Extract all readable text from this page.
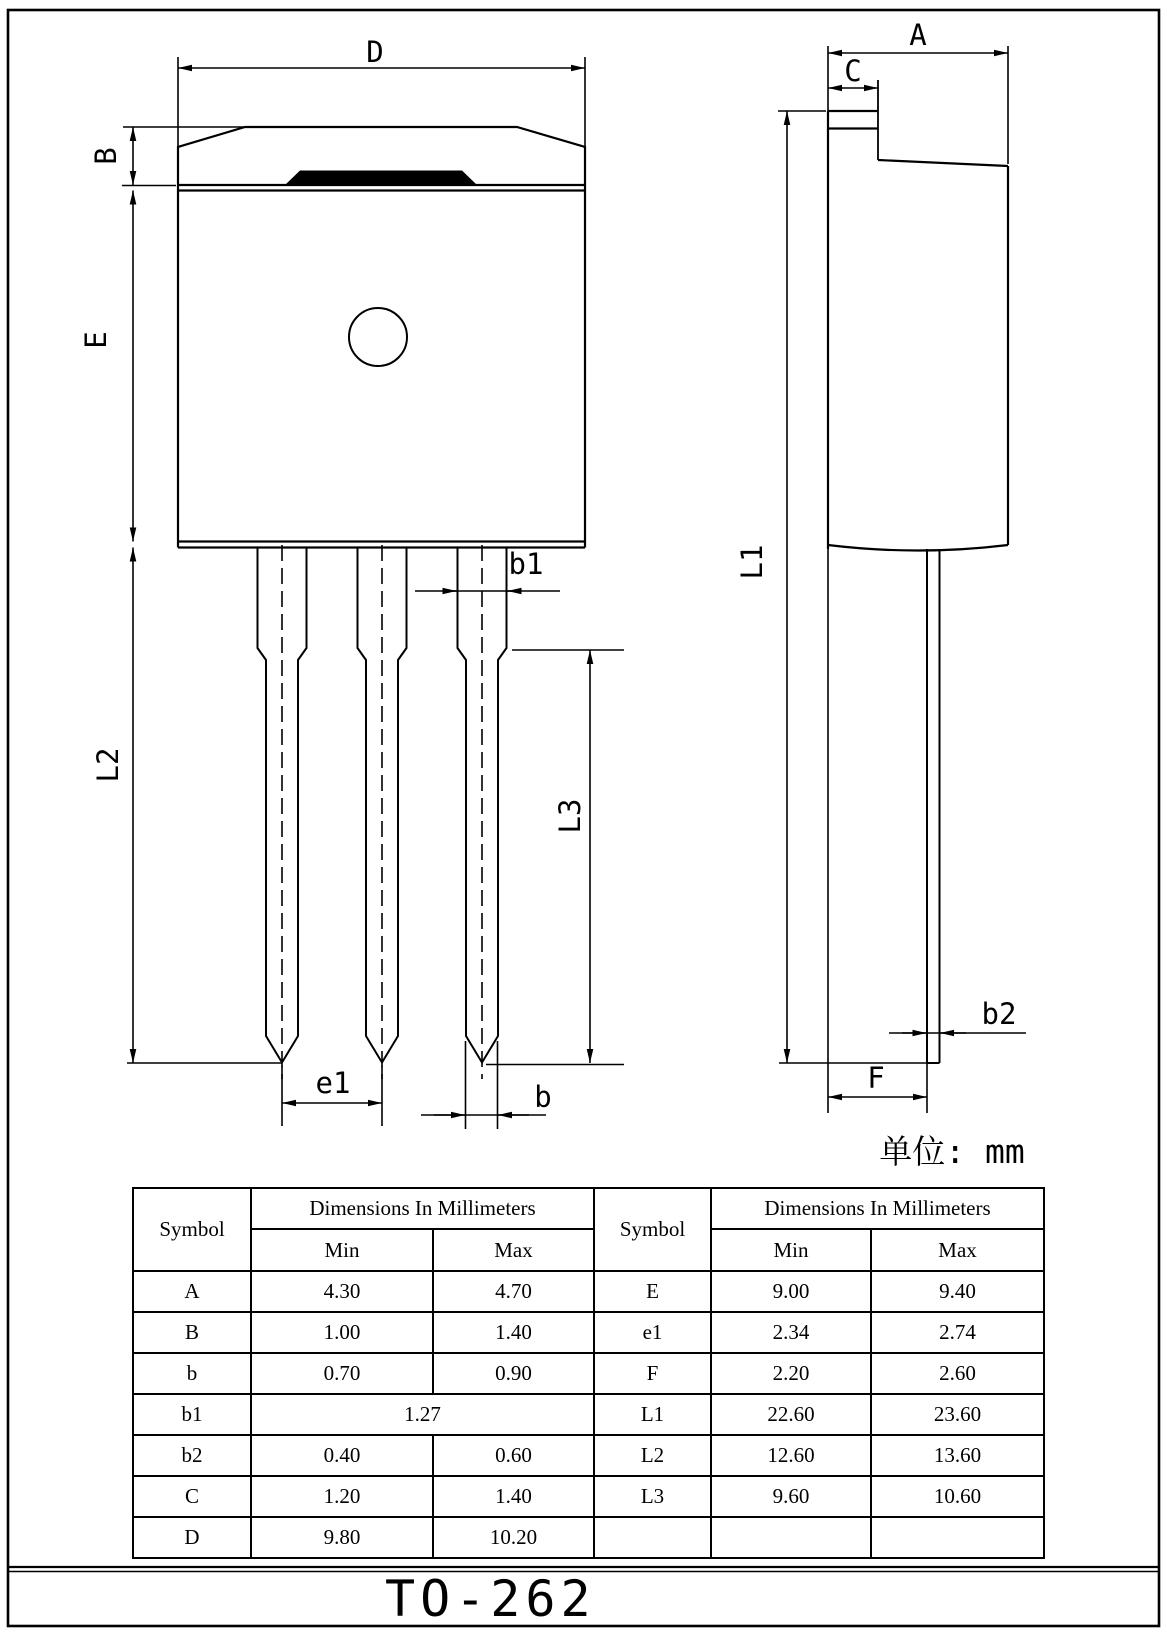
D
B
E
L2
b1
L3
e1	b
A
C
L1
b2
F
单位: mm
Symbol	Dimensions In Millimeters		Symbol	Dimensions In Millimeters	
	Min	Max		Min	Max
A	4.30	4.70	E	9.00	9.40
B	1.00	1.40	e1	2.34	2.74
b	0.70	0.90	F	2.20	2.60
b1	1.27		L1	22.60	23.60
b2	0.40	0.60	L2	12.60	13.60
C	1.20	1.40	L3	9.60	10.60
D	9.80	10.20			
TO-262
